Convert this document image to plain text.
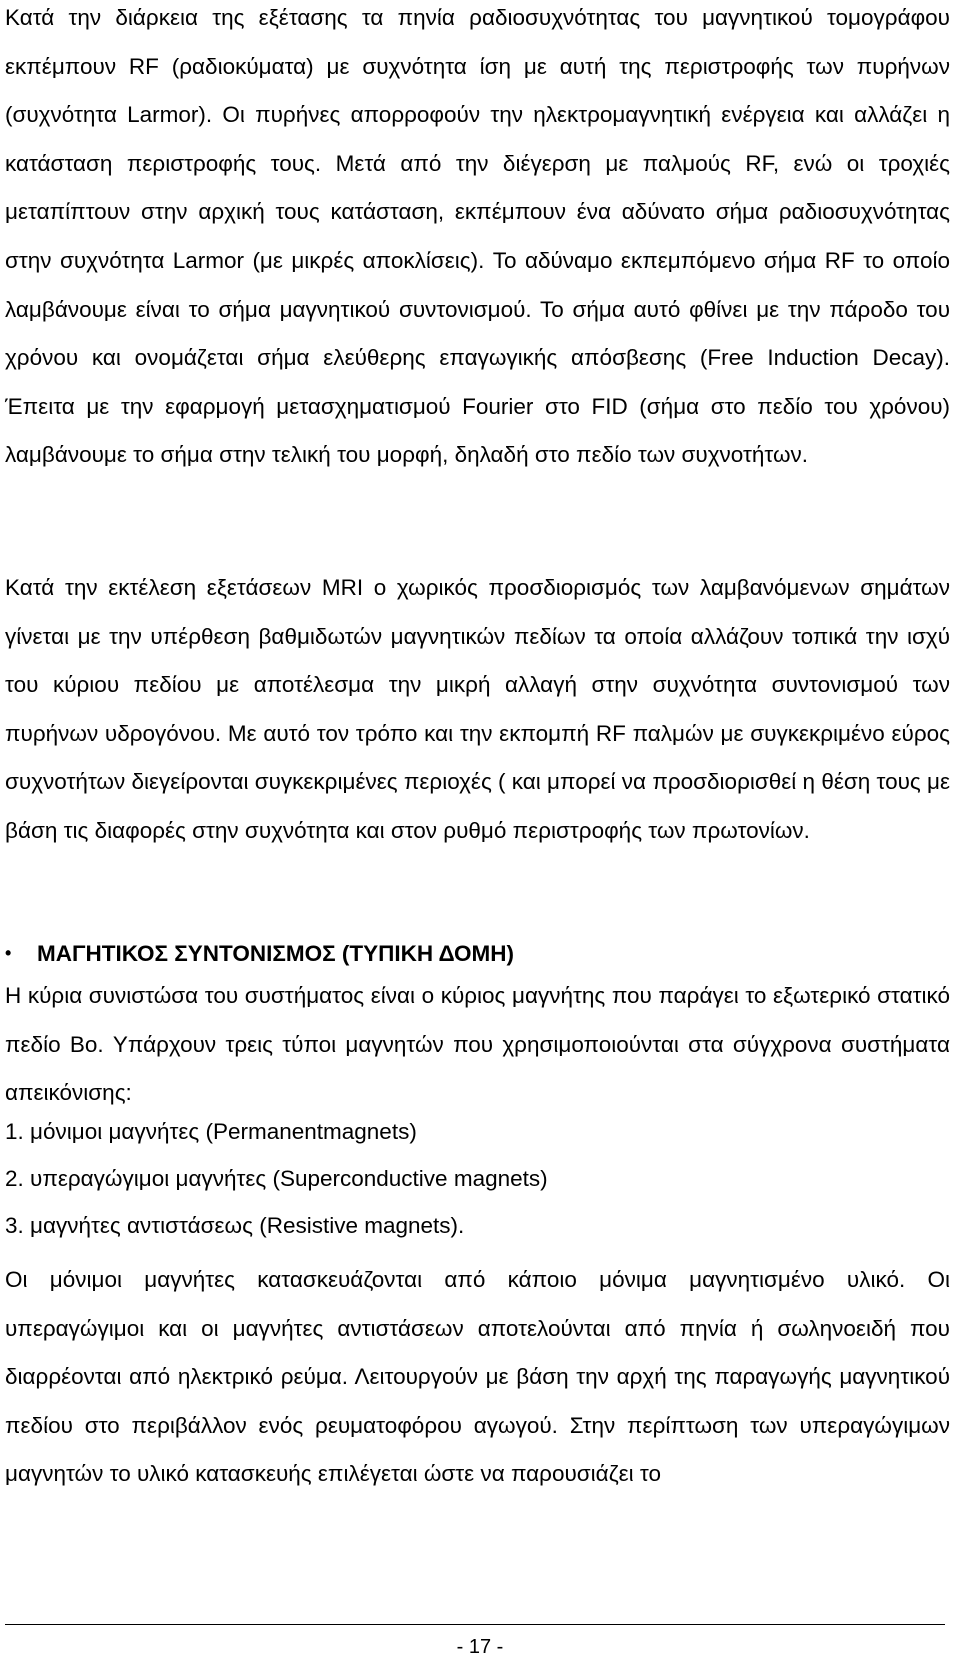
Κατά την διάρκεια της εξέτασης τα πηνία ραδιοσυχνότητας του μαγνητικού τομογράφου εκπέμπουν RF (ραδιοκύματα) με συχνότητα ίση με αυτή της περιστροφής των πυρήνων (συχνότητα Larmor). Οι πυρήνες απορροφούν την ηλεκτρομαγνητική ενέργεια και αλλάζει η κατάσταση περιστροφής τους. Μετά από την διέγερση με παλμούς RF, ενώ οι τροχιές μεταπίπτουν στην αρχική τους κατάσταση, εκπέμπουν ένα αδύνατο σήμα ραδιοσυχνότητας στην συχνότητα Larmor (με μικρές αποκλίσεις). Το αδύναμο εκπεμπόμενο σήμα RF το οποίο λαμβάνουμε είναι το σήμα μαγνητικού συντονισμού. Το σήμα αυτό φθίνει με την πάροδο του χρόνου και ονομάζεται σήμα ελεύθερης επαγωγικής απόσβεσης (Free Induction Decay). Έπειτα με την εφαρμογή μετασχηματισμού Fourier στο FID (σήμα στο πεδίο του χρόνου) λαμβάνουμε το σήμα στην τελική του μορφή, δηλαδή στο πεδίο των συχνοτήτων.

Κατά την εκτέλεση εξετάσεων MRI ο χωρικός προσδιορισμός των λαμβανόμενων σημάτων γίνεται με την υπέρθεση βαθμιδωτών μαγνητικών πεδίων τα οποία αλλάζουν τοπικά την ισχύ του κύριου πεδίου με αποτέλεσμα την μικρή αλλαγή στην συχνότητα συντονισμού των πυρήνων υδρογόνου. Με αυτό τον τρόπο και την εκπομπή RF παλμών με συγκεκριμένο εύρος συχνοτήτων διεγείρονται συγκεκριμένες περιοχές ( και μπορεί να προσδιορισθεί η θέση τους με βάση τις διαφορές στην συχνότητα και στον ρυθμό περιστροφής των πρωτονίων.

• ΜΑΓΗΤΙΚΟΣ ΣΥΝΤΟΝΙΣΜΟΣ (ΤΥΠΙΚΗ ΔΟΜΗ)

Η κύρια συνιστώσα του συστήματος είναι ο κύριος μαγνήτης που παράγει το εξωτερικό στατικό πεδίο Bo. Υπάρχουν τρεις τύποι μαγνητών που χρησιμοποιούνται στα σύγχρονα συστήματα απεικόνισης:

1. μόνιμοι μαγνήτες (Permanentmagnets)
2. υπεραγώγιμοι μαγνήτες (Superconductive magnets)
3. μαγνήτες αντιστάσεως (Resistive magnets).

Οι μόνιμοι μαγνήτες κατασκευάζονται από κάποιο μόνιμα μαγνητισμένο υλικό. Οι υπεραγώγιμοι και οι μαγνήτες αντιστάσεων αποτελούνται από πηνία ή σωληνοειδή που διαρρέονται από ηλεκτρικό ρεύμα. Λειτουργούν με βάση την αρχή της παραγωγής μαγνητικού πεδίου στο περιβάλλον ενός ρευματοφόρου αγωγού. Στην περίπτωση των υπεραγώγιμων μαγνητών το υλικό κατασκευής επιλέγεται ώστε να παρουσιάζει το

- 17 -
